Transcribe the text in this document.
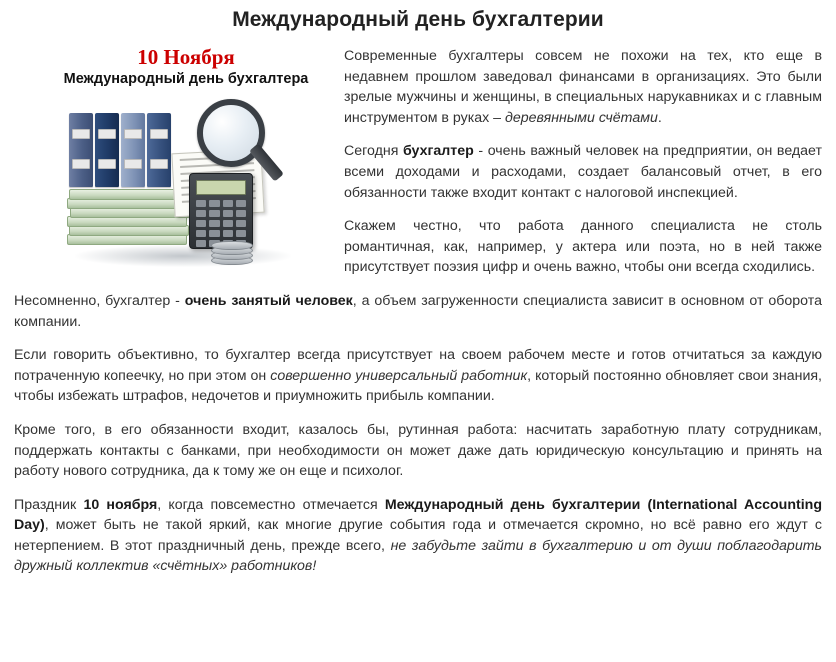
Международный день бухгалтерии
10 Ноября
Международный день бухгалтера

Современные бухгалтеры совсем не похожи на тех, кто еще в недавнем прошлом заведовал финансами в организациях. Это были зрелые мужчины и женщины, в специальных нарукавниках и с главным инструментом в руках – деревянными счётами.

Сегодня бухгалтер - очень важный человек на предприятии, он ведает всеми доходами и расходами, создает балансовый отчет, в его обязанности также входит контакт с налоговой инспекцией.

Скажем честно, что работа данного специалиста не столь романтичная, как, например, у актера или поэта, но в ней также присутствует поэзия цифр и очень важно, чтобы они всегда сходились.

Несомненно, бухгалтер - очень занятый человек, а объем загруженности специалиста зависит в основном от оборота компании.

Если говорить объективно, то бухгалтер всегда присутствует на своем рабочем месте и готов отчитаться за каждую потраченную копеечку, но при этом он совершенно универсальный работник, который постоянно обновляет свои знания, чтобы избежать штрафов, недочетов и приумножить прибыль компании.

Кроме того, в его обязанности входит, казалось бы, рутинная работа: насчитать заработную плату сотрудникам, поддержать контакты с банками, при необходимости он может даже дать юридическую консультацию и принять на работу нового сотрудника, да к тому же он еще и психолог.

Праздник 10 ноября, когда повсеместно отмечается Международный день бухгалтерии (International Accounting Day), может быть не такой яркий, как многие другие события года и отмечается скромно, но всё равно его ждут с нетерпением. В этот праздничный день, прежде всего, не забудьте зайти в бухгалтерию и от души поблагодарить дружный коллектив «счётных» работников!
